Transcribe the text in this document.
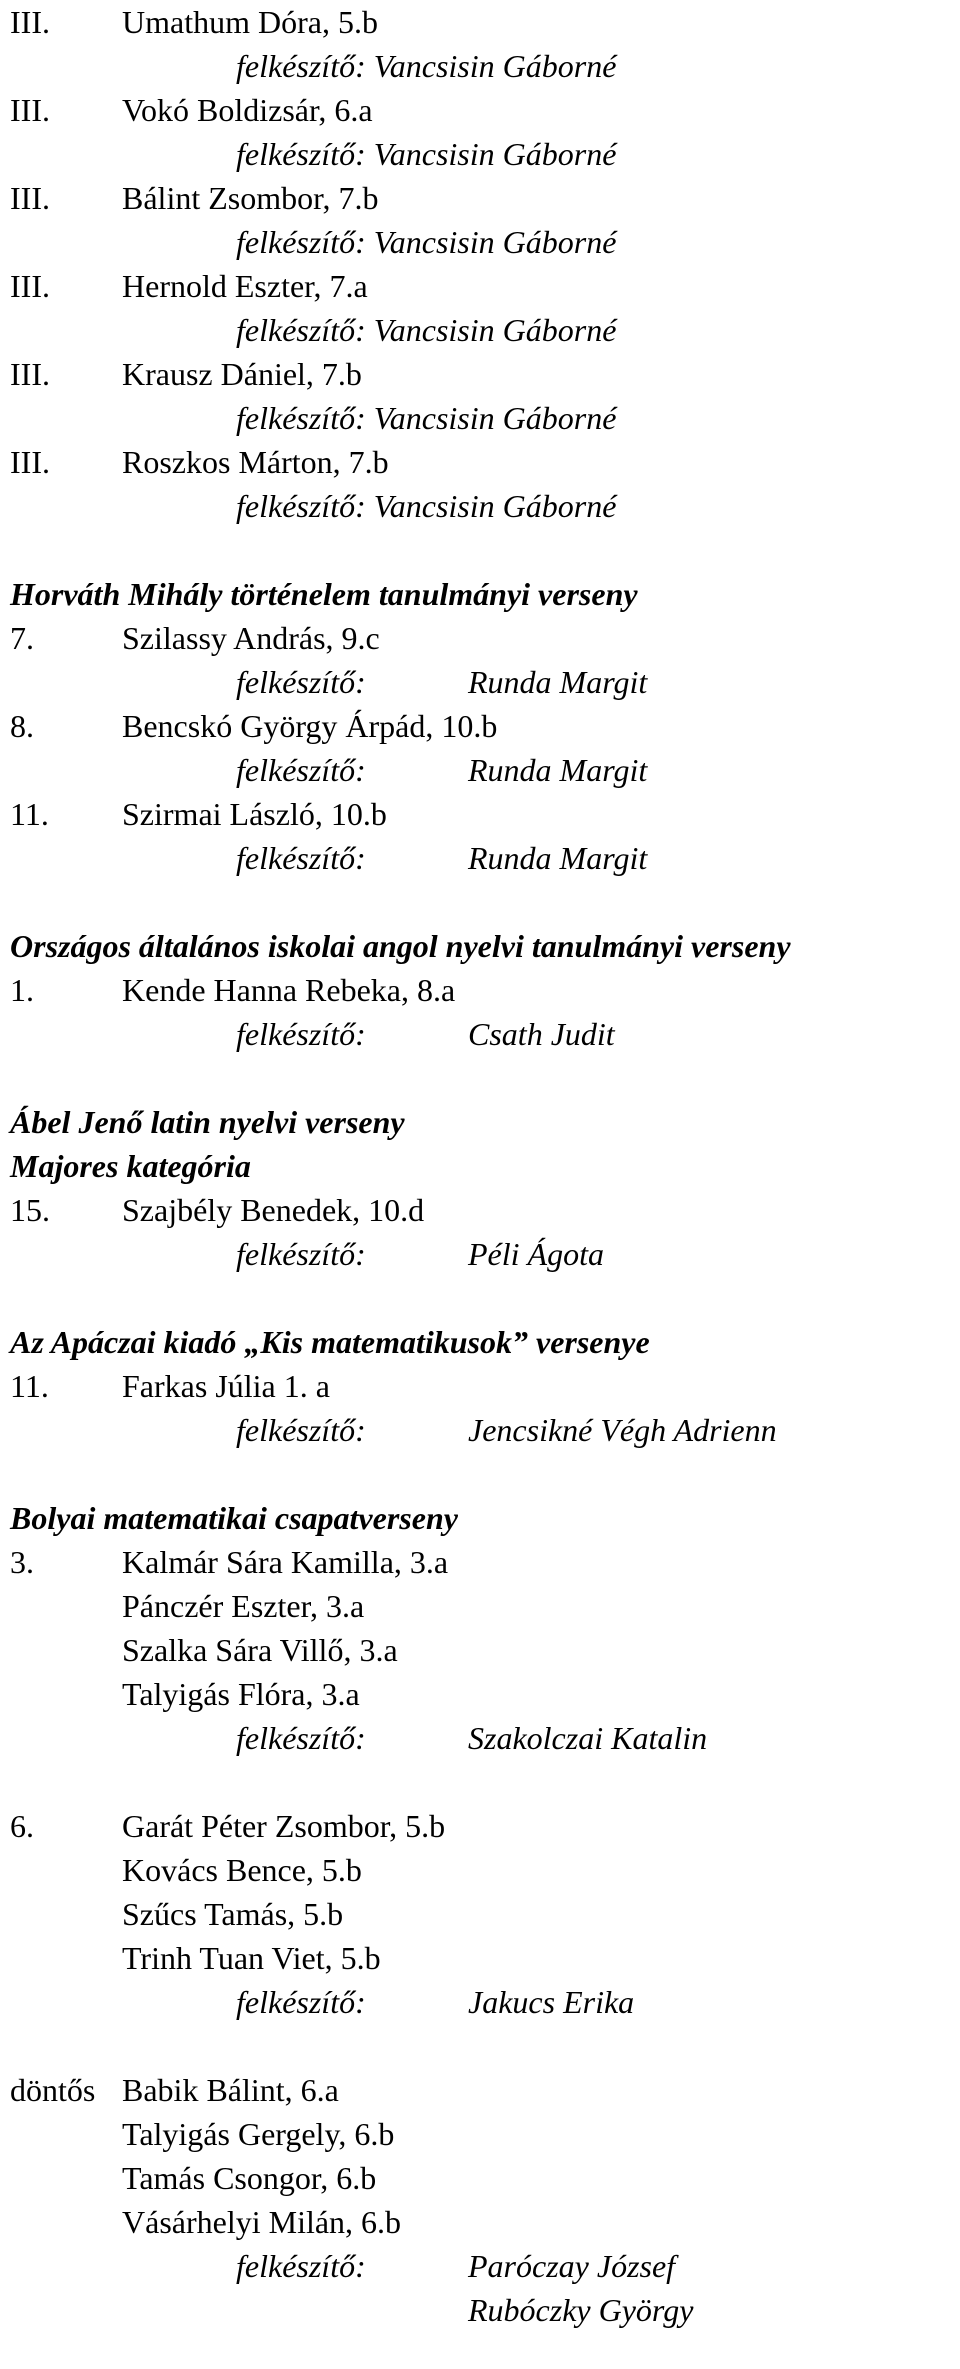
III. Umathum Dóra, 5.b
felkészítő: Vancsisin Gáborné
III. Vokó Boldizsár, 6.a
felkészítő: Vancsisin Gáborné
III. Bálint Zsombor, 7.b
felkészítő: Vancsisin Gáborné
III. Hernold Eszter, 7.a
felkészítő: Vancsisin Gáborné
III. Krausz Dániel, 7.b
felkészítő: Vancsisin Gáborné
III. Roszkos Márton, 7.b
felkészítő: Vancsisin Gáborné
Horváth Mihály történelem tanulmányi verseny
7.	Szilassy András, 9.c
felkészítő:	Runda Margit
8.	Bencskó György Árpád, 10.b
felkészítő:	Runda Margit
11. Szirmai László, 10.b
felkészítő:	Runda Margit
Országos általános iskolai angol nyelvi tanulmányi verseny
1.	Kende Hanna Rebeka, 8.a
felkészítő:	Csath Judit
Ábel Jenő latin nyelvi verseny
Majores kategória
15. Szajbély Benedek, 10.d
felkészítő:	Péli Ágota
Az Apáczai kiadó „Kis matematikusok” versenye
11. Farkas Júlia 1. a
felkészítő:	Jencsikné Végh Adrienn
Bolyai matematikai csapatverseny
3.	Kalmár Sára Kamilla, 3.a
Pánczér Eszter, 3.a
Szalka Sára Villő, 3.a
Talyigás Flóra, 3.a
felkészítő:	Szakolczai Katalin
6.	Garát Péter Zsombor, 5.b
Kovács Bence, 5.b
Szűcs Tamás, 5.b
Trinh Tuan Viet, 5.b
felkészítő:	Jakucs Erika
döntős Babik Bálint, 6.a
Talyigás Gergely, 6.b
Tamás Csongor, 6.b
Vásárhelyi Milán, 6.b
felkészítő:	Paróczay József
Rubóczky György
